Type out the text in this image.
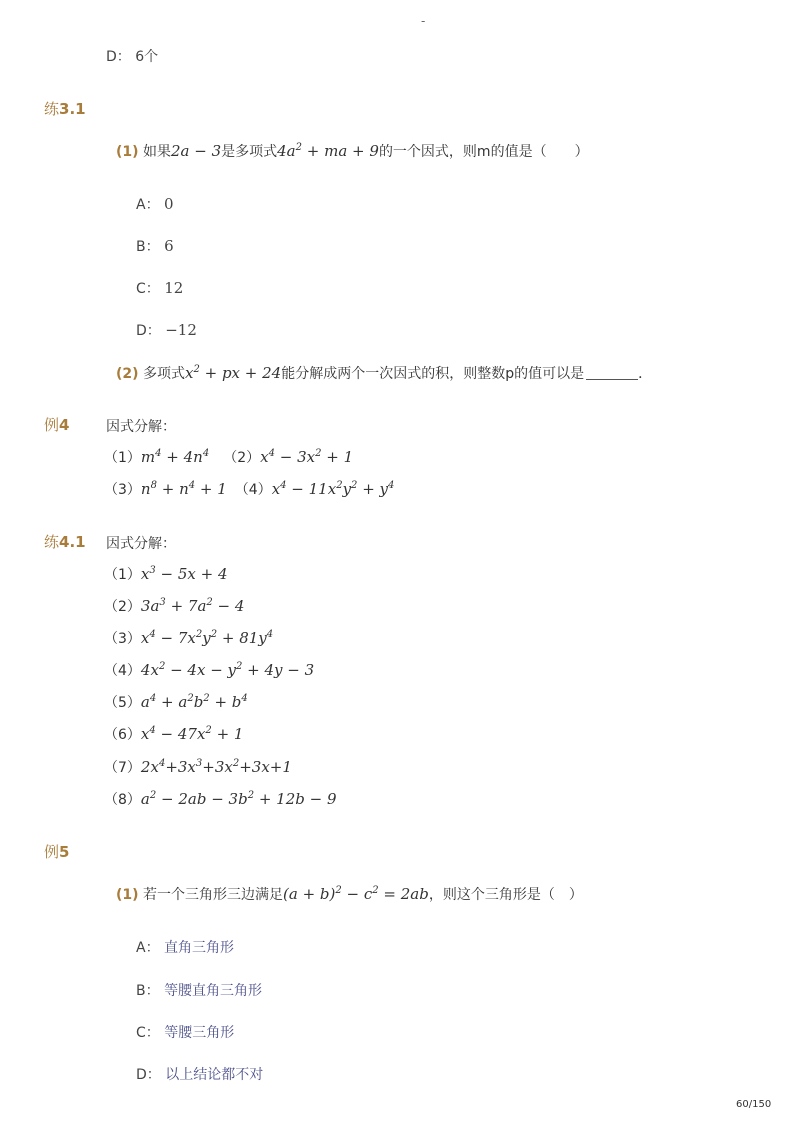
-
D： 6个
练3.1
(1) 如果2a − 3是多项式$4a^2$ + ma + 9的一个因式，则m的值是（　　）
A： 0
B： 6
C： 12
D： −12
(2) 多项式$x^2$ + px + 24能分解成两个一次因式的积，则整数p的值可以是	．
例4	因式分解：
$(1)m^4 + 4n^4$ $(2)x^4 - 3x^2 + 1$
$(3)n^8 + n^4 + 1$ $(4)x^4 - 11x^2y^2 + y^4$
练4.1 因式分解：
$(1)x^3 - 5x + 4$
$(2)3a^3 + 7a^2 - 4$
$(3)x^4 - 7x^2y^2 + 81y^4$
$(4)4x^2 - 4x - y^2 + 4y - 3$
$(5)a^4 + a^2b^2 + b^4$
$(6)x^4 - 47x^2 + 1$
$(7)2x^4+3x^3+3x^2+3x+1$
$(8)a^2 - 2ab - 3b^2 + 12b - 9$
例5
(1) 若一个三角形三边满足$(a + b)^2 - c^2 = 2ab$，则这个三角形是（　）
A： 直角三角形
B： 等腰直角三角形
C： 等腰三角形
D： 以上结论都不对
60/150
